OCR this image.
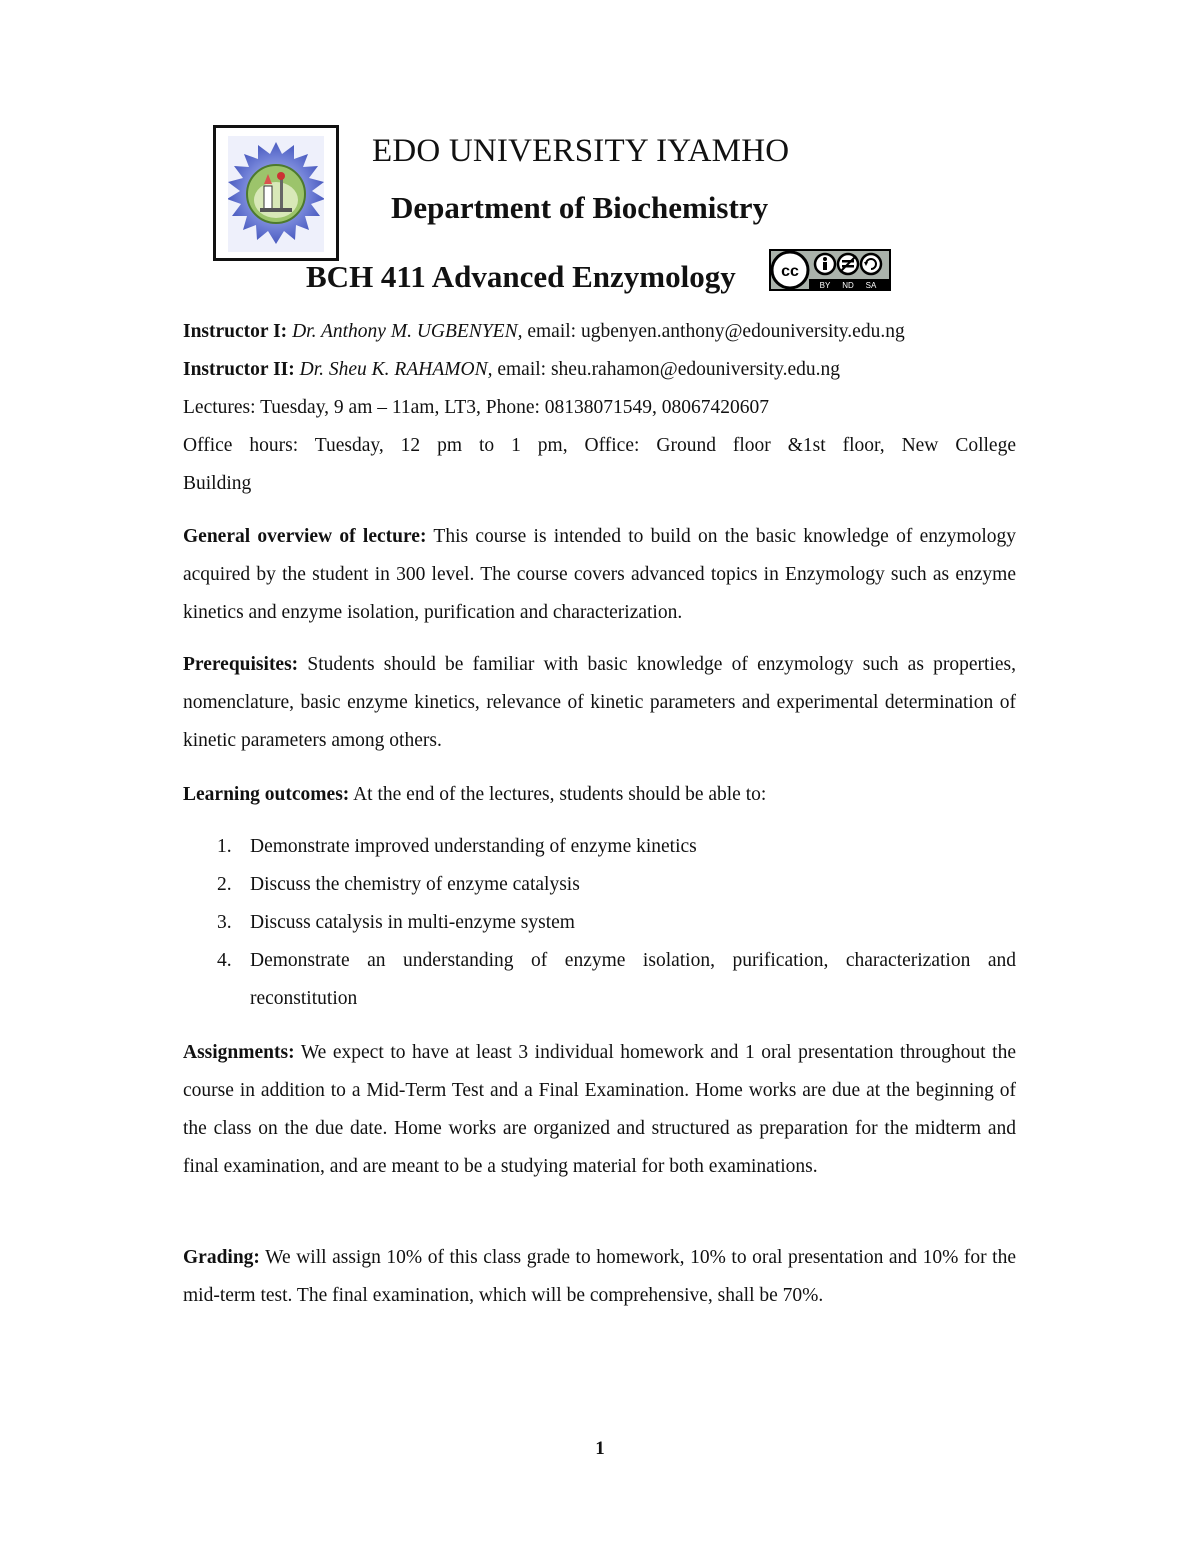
EDO UNIVERSITY IYAMHO
Department of Biochemistry
BCH 411 Advanced Enzymology	cc
BY ND SA
Instructor I: Dr. Anthony M. UGBENYEN, email: ugbenyen.anthony@edouniversity.edu.ng
Instructor II: Dr. Sheu K. RAHAMON, email: sheu.rahamon@edouniversity.edu.ng
Lectures: Tuesday, 9 am – 11am, LT3, Phone: 08138071549, 08067420607
Office hours: Tuesday, 12 pm to 1 pm, Office: Ground floor &1st floor, New College
Building
General overview of lecture: This course is intended to build on the basic knowledge of enzymology acquired by the student in 300 level. The course covers advanced topics in Enzymology such as enzyme kinetics and enzyme isolation, purification and characterization.
Prerequisites: Students should be familiar with basic knowledge of enzymology such as properties, nomenclature, basic enzyme kinetics, relevance of kinetic parameters and experimental determination of kinetic parameters among others.
Learning outcomes: At the end of the lectures, students should be able to:
1. Demonstrate improved understanding of enzyme kinetics
2. Discuss the chemistry of enzyme catalysis
3. Discuss catalysis in multi-enzyme system
4. Demonstrate an understanding of enzyme isolation, purification, characterization and reconstitution
Assignments: We expect to have at least 3 individual homework and 1 oral presentation throughout the course in addition to a Mid-Term Test and a Final Examination. Home works are due at the beginning of the class on the due date. Home works are organized and structured as preparation for the midterm and final examination, and are meant to be a studying material for both examinations.
Grading: We will assign 10% of this class grade to homework, 10% to oral presentation and 10% for the mid-term test. The final examination, which will be comprehensive, shall be 70%.
1
